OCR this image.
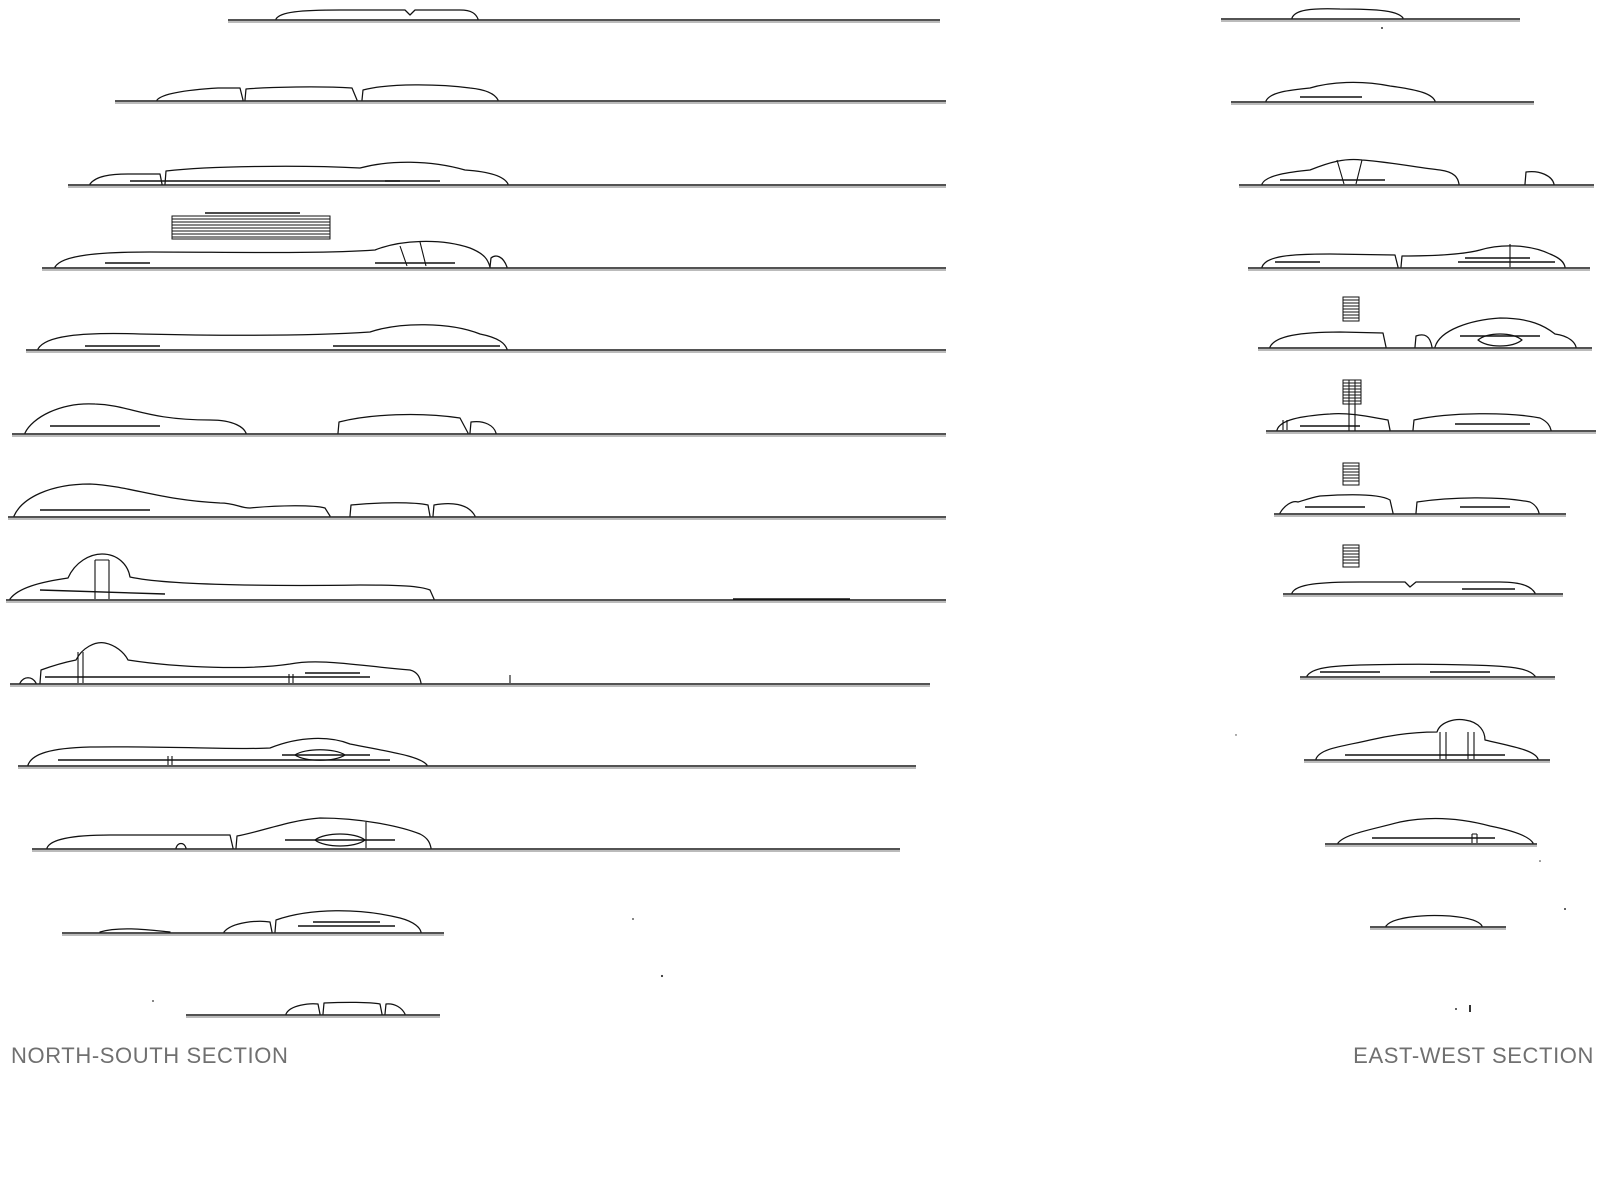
NORTH-SOUTH SECTION	EAST-WEST SECTION
